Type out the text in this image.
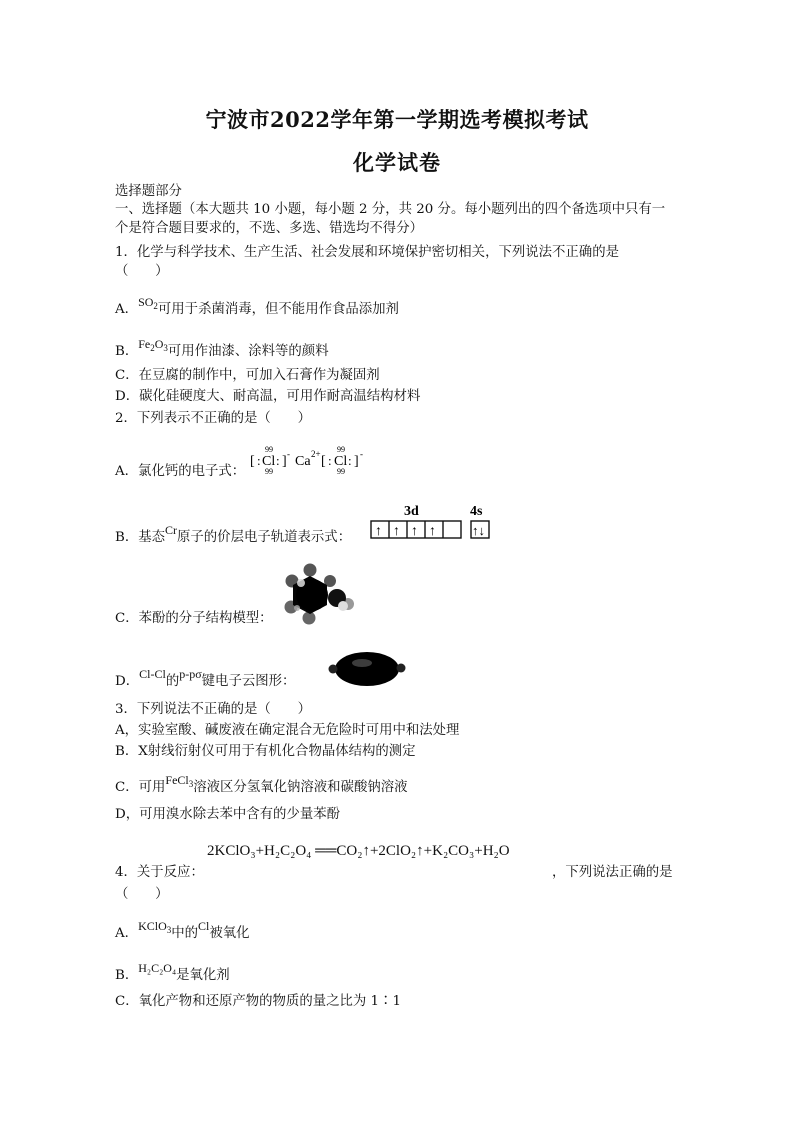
宁波市2022学年第一学期选考模拟考试
化学试卷
选择题部分
一、选择题（本大题共 10 小题，每小题 2 分，共 20 分。每小题列出的四个备选项中只有一
个是符合题目要求的，不选、多选、错选均不得分）
1．化学与科学技术、生产生活、社会发展和环境保护密切相关，下列说法不正确的是
（　　）
A．$SO_2$可用于杀菌消毒，但不能用作食品添加剂
B．$Fe_2O_3$可用作油漆、涂料等的颜料
C．在豆腐的制作中，可加入石膏作为凝固剂
D．碳化硅硬度大、耐高温，可用作耐高温结构材料
2．下列表示不正确的是（　　）
A．氯化钙的电子式：
[ : Cl : ] -
99
99
Ca 2+ [ : Cl : ] -
99
99
B．基态Cr原子的价层电子轨道表示式：
3d	4s
↑ ↑ ↑ ↑	↑↓
C．苯酚的分子结构模型：
D．Cl-Cl的p-pσ键电子云图形：
3．下列说法不正确的是（　　）
A，实验室酸、碱废液在确定混合无危险时可用中和法处理
B．X射线衍射仪可用于有机化合物晶体结构的测定
C．可用FeCl$_3$溶液区分氢氧化钠溶液和碳酸钠溶液
D，可用溴水除去苯中含有的少量苯酚
2KClO₃+H₂C₂O₄ ══CO₂↑+2ClO₂↑+K₂CO₃+H₂O
4．关于反应：	，下列说法正确的是
（　　）
A．KClO$_3$中的Cl被氧化
B．H₂C₂O₄是氧化剂
C．氧化产物和还原产物的物质的量之比为 1∶1
